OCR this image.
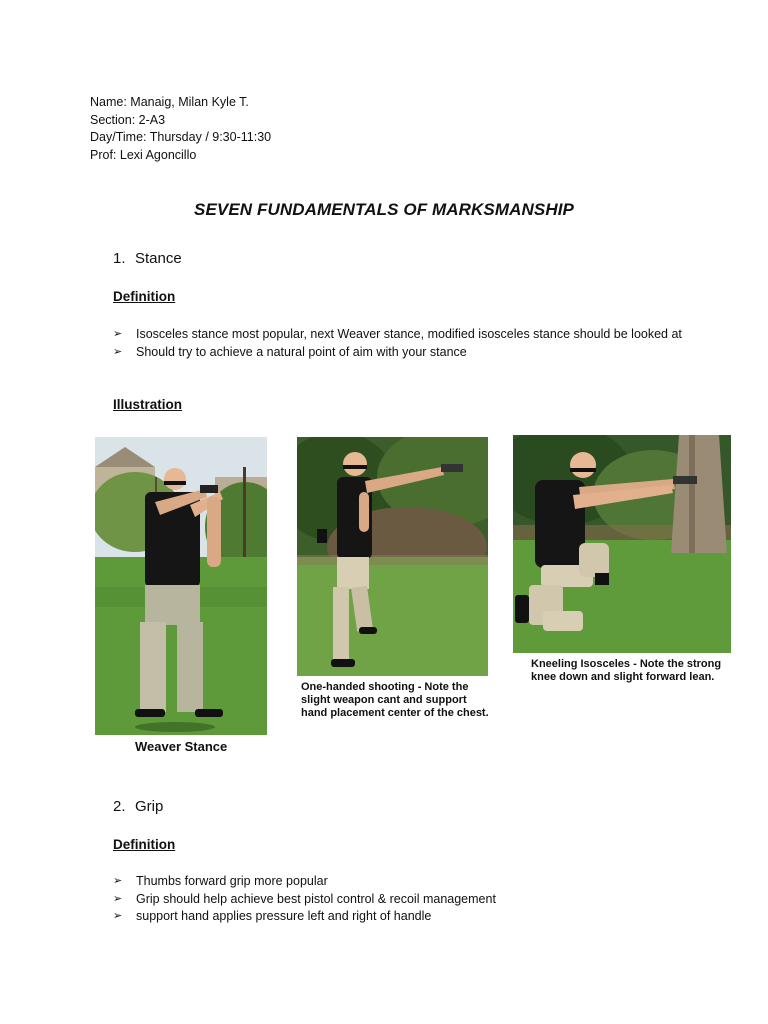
Name: Manaig, Milan Kyle T.
Section: 2-A3
Day/Time: Thursday / 9:30-11:30
Prof: Lexi Agoncillo
SEVEN FUNDAMENTALS OF MARKSMANSHIP
1. Stance
Definition
➢ Isosceles stance most popular, next Weaver stance, modified isosceles stance should be looked at
➢ Should try to achieve a natural point of aim with your stance
Illustration
Weaver Stance
One-handed shooting - Note the slight weapon cant and support hand placement center of the chest.
Kneeling Isosceles - Note the strong knee down and slight forward lean.
2. Grip
Definition
➢ Thumbs forward grip more popular
➢ Grip should help achieve best pistol control & recoil management
➢ support hand applies pressure left and right of handle
